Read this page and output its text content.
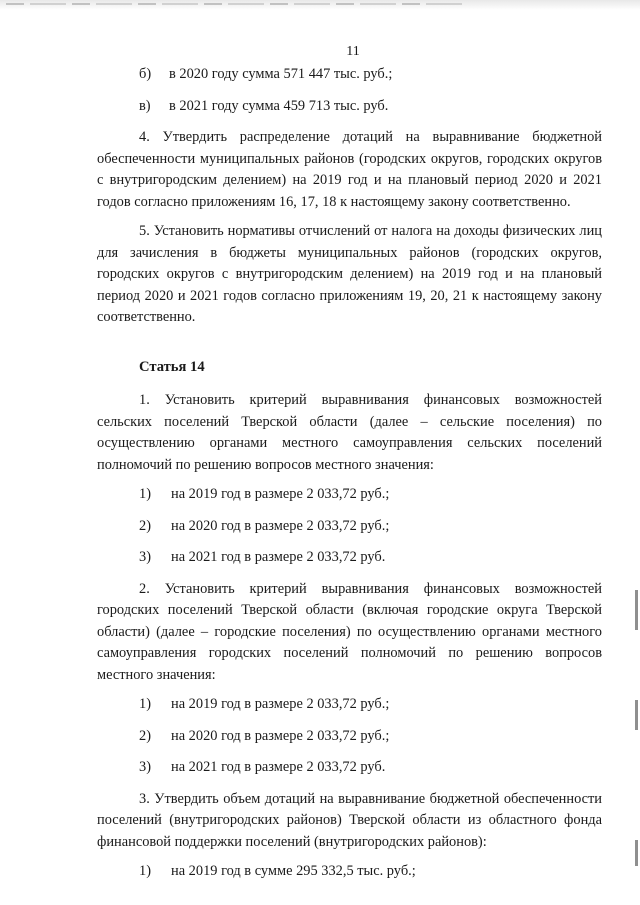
11
б) в 2020 году сумма 571 447 тыс. руб.;
в) в 2021 году сумма 459 713 тыс. руб.

4. Утвердить распределение дотаций на выравнивание бюджетной обеспеченности муниципальных районов (городских округов, городских округов с внутригородским делением) на 2019 год и на плановый период 2020 и 2021 годов согласно приложениям 16, 17, 18 к настоящему закону соответственно.

5. Установить нормативы отчислений от налога на доходы физических лиц для зачисления в бюджеты муниципальных районов (городских округов, городских округов с внутригородским делением) на 2019 год и на плановый период 2020 и 2021 годов согласно приложениям 19, 20, 21 к настоящему закону соответственно.

Статья 14

1. Установить критерий выравнивания финансовых возможностей сельских поселений Тверской области (далее – сельские поселения) по осуществлению органами местного самоуправления сельских поселений полномочий по решению вопросов местного значения:

1) на 2019 год в размере 2 033,72 руб.;
2) на 2020 год в размере 2 033,72 руб.;
3) на 2021 год в размере 2 033,72 руб.

2. Установить критерий выравнивания финансовых возможностей городских поселений Тверской области (включая городские округа Тверской области) (далее – городские поселения) по осуществлению органами местного самоуправления городских поселений полномочий по решению вопросов местного значения:

1) на 2019 год в размере 2 033,72 руб.;
2) на 2020 год в размере 2 033,72 руб.;
3) на 2021 год в размере 2 033,72 руб.

3. Утвердить объем дотаций на выравнивание бюджетной обеспеченности поселений (внутригородских районов) Тверской области из областного фонда финансовой поддержки поселений (внутригородских районов):

1) на 2019 год в сумме 295 332,5 тыс. руб.;
